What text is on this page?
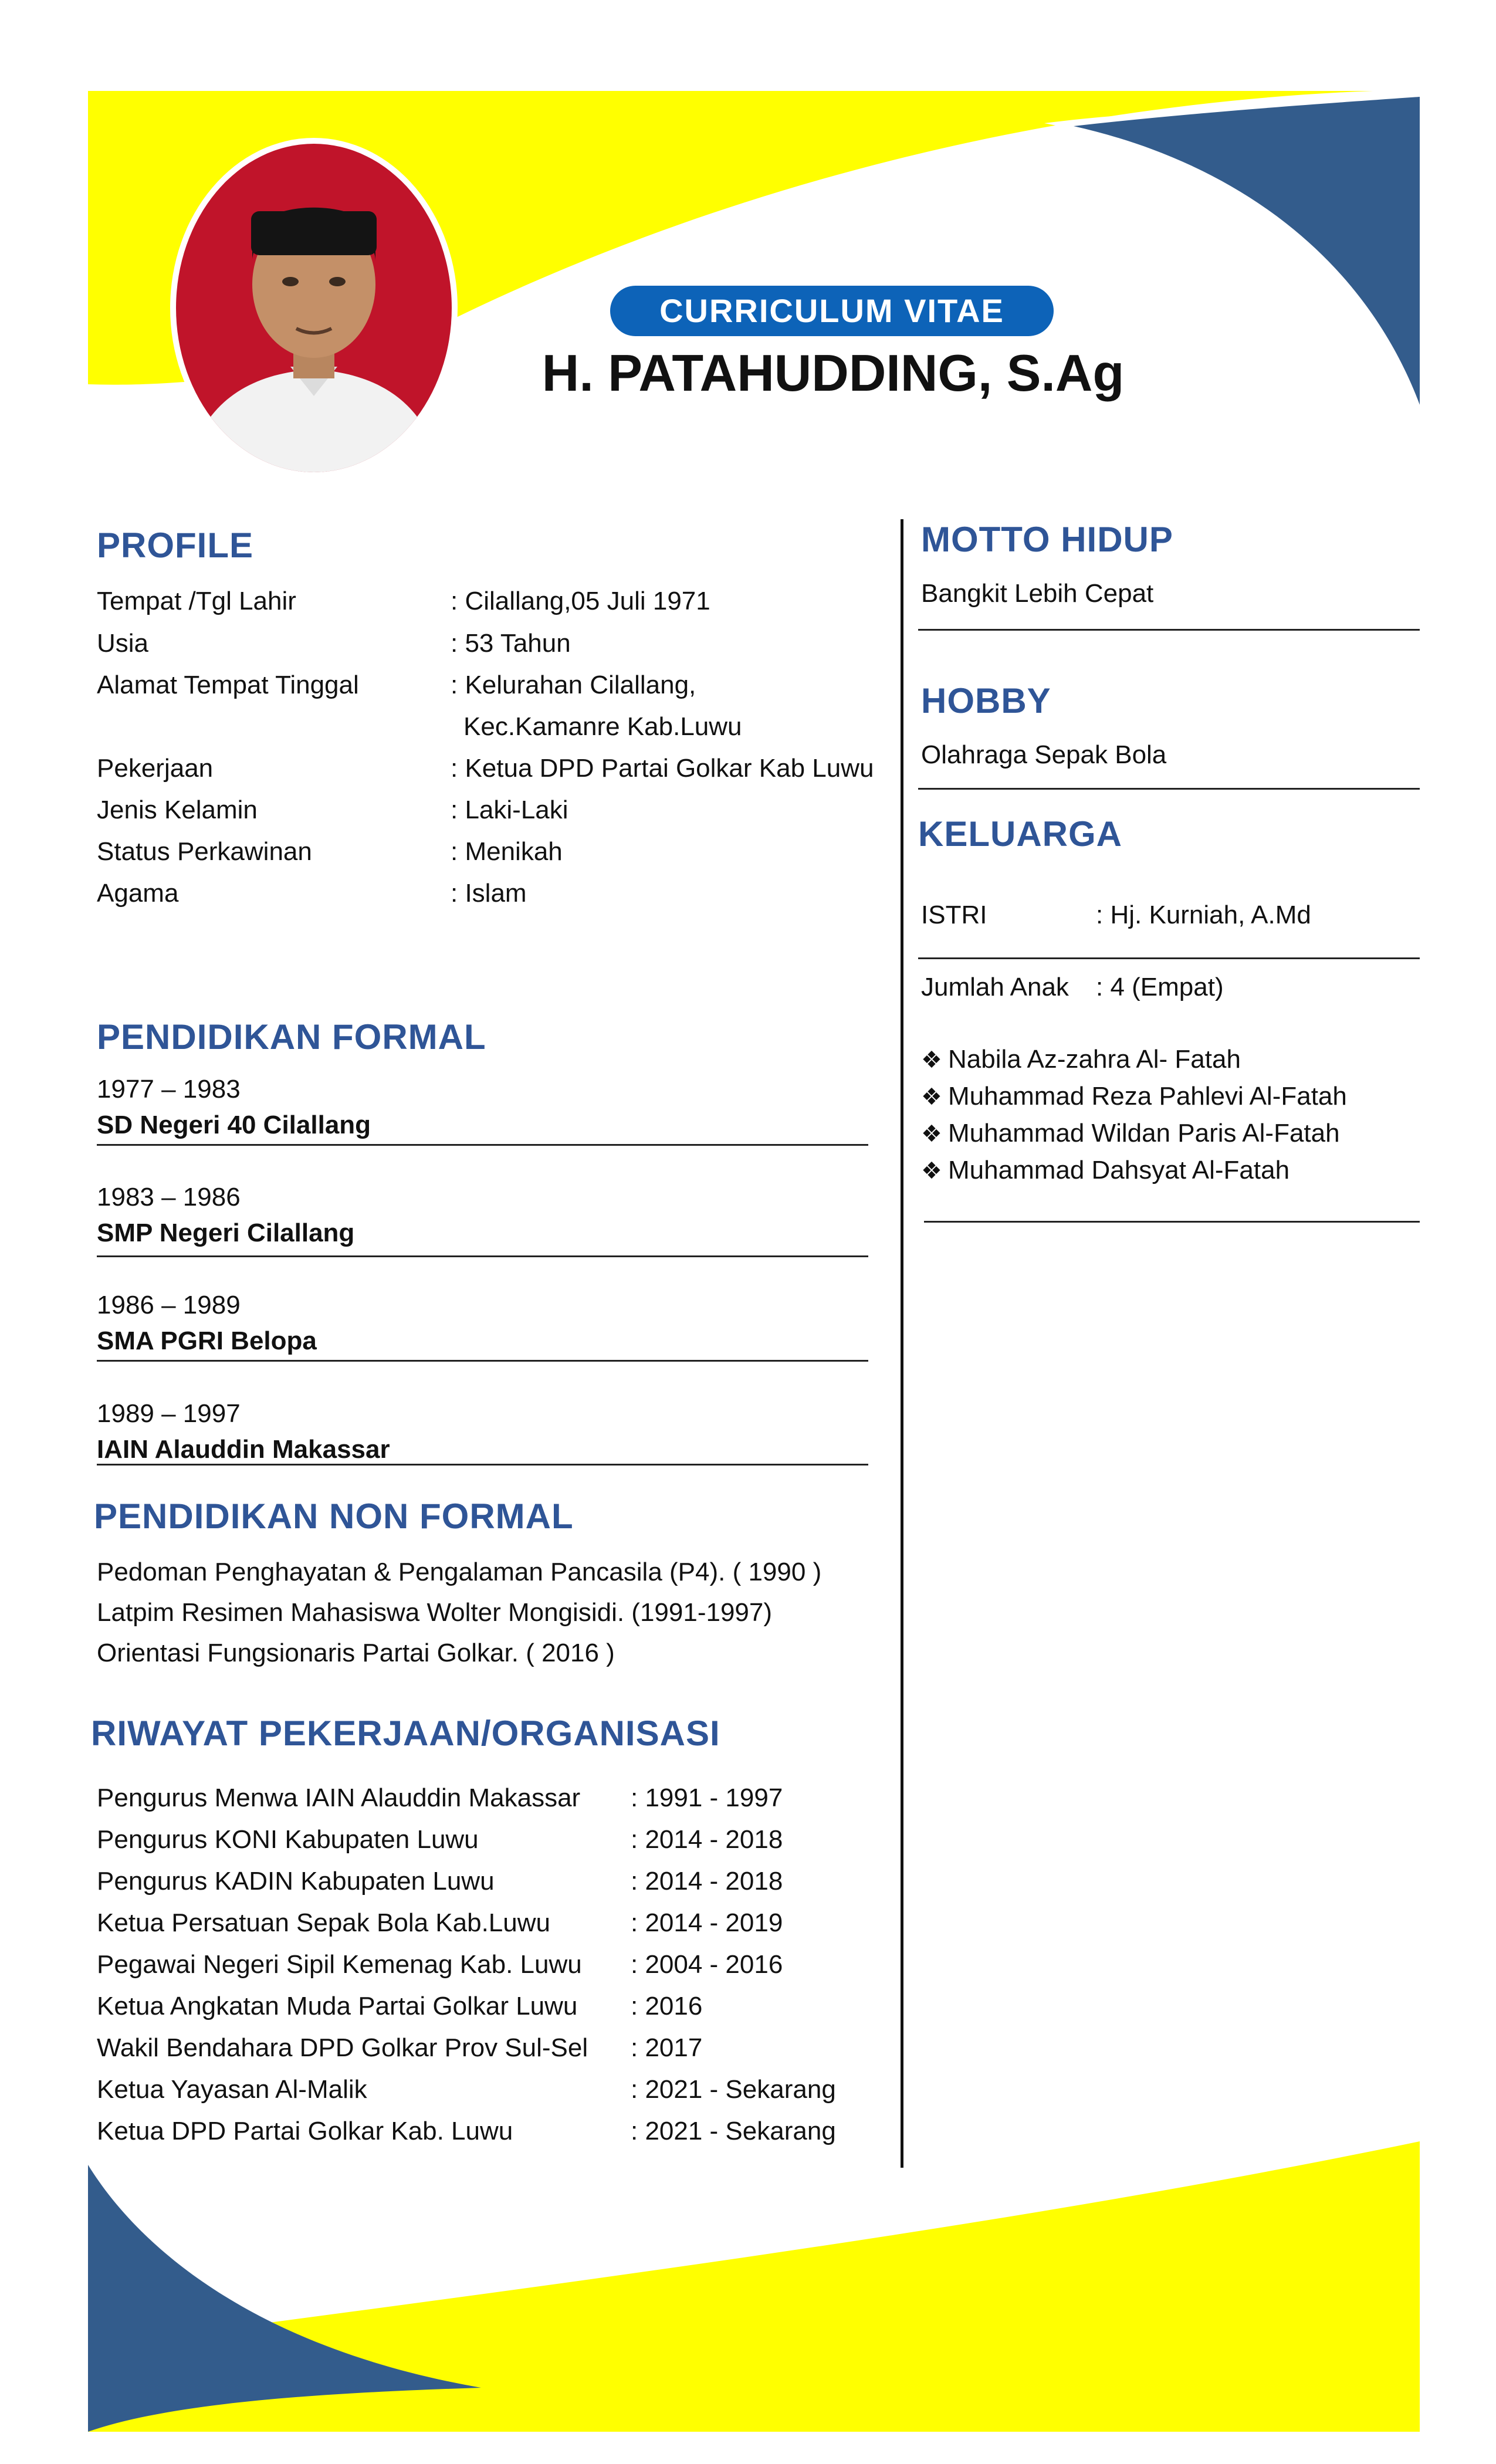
CURRICULUM VITAE
H. PATAHUDDING, S.Ag
PROFILE
Tempat /Tgl Lahir	: Cilallang,05 Juli 1971
Usia	: 53 Tahun
Alamat Tempat Tinggal	: Kelurahan Cilallang,
Kec.Kamanre Kab.Luwu
Pekerjaan	: Ketua DPD Partai Golkar Kab Luwu
Jenis Kelamin	: Laki-Laki
Status Perkawinan	: Menikah
Agama	: Islam
PENDIDIKAN FORMAL
1977 – 1983
SD Negeri 40 Cilallang
1983 – 1986
SMP Negeri Cilallang
1986 – 1989
SMA PGRI Belopa
1989 – 1997
IAIN Alauddin Makassar
PENDIDIKAN NON FORMAL
Pedoman Penghayatan & Pengalaman Pancasila (P4). ( 1990 )
Latpim Resimen Mahasiswa Wolter Mongisidi. (1991-1997)
Orientasi Fungsionaris Partai Golkar. ( 2016 )
RIWAYAT PEKERJAAN/ORGANISASI
Pengurus Menwa IAIN Alauddin Makassar : 1991 - 1997
Pengurus KONI Kabupaten Luwu	: 2014 - 2018
Pengurus KADIN Kabupaten Luwu	: 2014 - 2018
Ketua Persatuan Sepak Bola Kab.Luwu	: 2014 - 2019
Pegawai Negeri Sipil Kemenag Kab. Luwu : 2004 - 2016
Ketua Angkatan Muda Partai Golkar Luwu : 2016
Wakil Bendahara DPD Golkar Prov Sul-Sel : 2017
Ketua Yayasan Al-Malik	: 2021 - Sekarang
Ketua DPD Partai Golkar Kab. Luwu	: 2021 - Sekarang
MOTTO HIDUP
Bangkit Lebih Cepat
HOBBY
Olahraga Sepak Bola
KELUARGA
ISTRI	: Hj. Kurniah, A.Md
Jumlah Anak : 4 (Empat)
❖ Nabila Az-zahra Al- Fatah
❖ Muhammad Reza Pahlevi Al-Fatah
❖ Muhammad Wildan Paris Al-Fatah
❖ Muhammad Dahsyat Al-Fatah
